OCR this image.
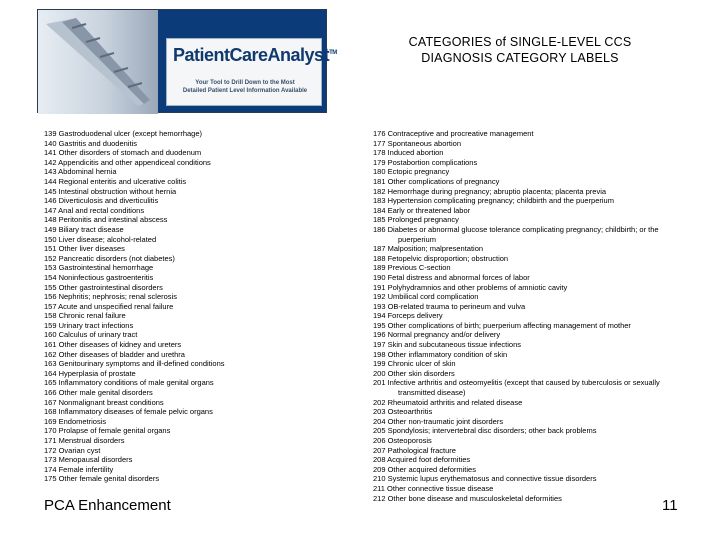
PatientCareAnalyst™
Your Tool to Drill Down to the Most
Detailed Patient Level Information Available
CATEGORIES of SINGLE-LEVEL CCS
DIAGNOSIS CATEGORY LABELS
139 Gastroduodenal ulcer (except hemorrhage)
140 Gastritis and duodenitis
141 Other disorders of stomach and duodenum
142 Appendicitis and other appendiceal conditions
143 Abdominal hernia
144 Regional enteritis and ulcerative colitis
145 Intestinal obstruction without hernia
146 Diverticulosis and diverticulitis
147 Anal and rectal conditions
148 Peritonitis and intestinal abscess
149 Biliary tract disease
150 Liver disease; alcohol-related
151 Other liver diseases
152 Pancreatic disorders (not diabetes)
153 Gastrointestinal hemorrhage
154 Noninfectious gastroenteritis
155 Other gastrointestinal disorders
156 Nephritis; nephrosis; renal sclerosis
157 Acute and unspecified renal failure
158 Chronic renal failure
159 Urinary tract infections
160 Calculus of urinary tract
161 Other diseases of kidney and ureters
162 Other diseases of bladder and urethra
163 Genitourinary symptoms and ill-defined conditions
164 Hyperplasia of prostate
165 Inflammatory conditions of male genital organs
166 Other male genital disorders
167 Nonmalignant breast conditions
168 Inflammatory diseases of female pelvic organs
169 Endometriosis
170 Prolapse of female genital organs
171 Menstrual disorders
172 Ovarian cyst
173 Menopausal disorders
174 Female infertility
175 Other female genital disorders
176 Contraceptive and procreative management
177 Spontaneous abortion
178 Induced abortion
179 Postabortion complications
180 Ectopic pregnancy
181 Other complications of pregnancy
182 Hemorrhage during pregnancy; abruptio placenta; placenta previa
183 Hypertension complicating pregnancy; childbirth and the puerperium
184 Early or threatened labor
185 Prolonged pregnancy
186 Diabetes or abnormal glucose tolerance complicating pregnancy; childbirth; or the puerperium
187 Malposition; malpresentation
188 Fetopelvic disproportion; obstruction
189 Previous C-section
190 Fetal distress and abnormal forces of labor
191 Polyhydramnios and other problems of amniotic cavity
192 Umbilical cord complication
193 OB-related trauma to perineum and vulva
194 Forceps delivery
195 Other complications of birth; puerperium affecting management of mother
196 Normal pregnancy and/or delivery
197 Skin and subcutaneous tissue infections
198 Other inflammatory condition of skin
199 Chronic ulcer of skin
200 Other skin disorders
201 Infective arthritis and osteomyelitis (except that caused by tuberculosis or sexually transmitted disease)
202 Rheumatoid arthritis and related disease
203 Osteoarthritis
204 Other non-traumatic joint disorders
205 Spondylosis; intervertebral disc disorders; other back problems
206 Osteoporosis
207 Pathological fracture
208 Acquired foot deformities
209 Other acquired deformities
210 Systemic lupus erythematosus and connective tissue disorders
211 Other connective tissue disease
212 Other bone disease and musculoskeletal deformities
PCA Enhancement	11
